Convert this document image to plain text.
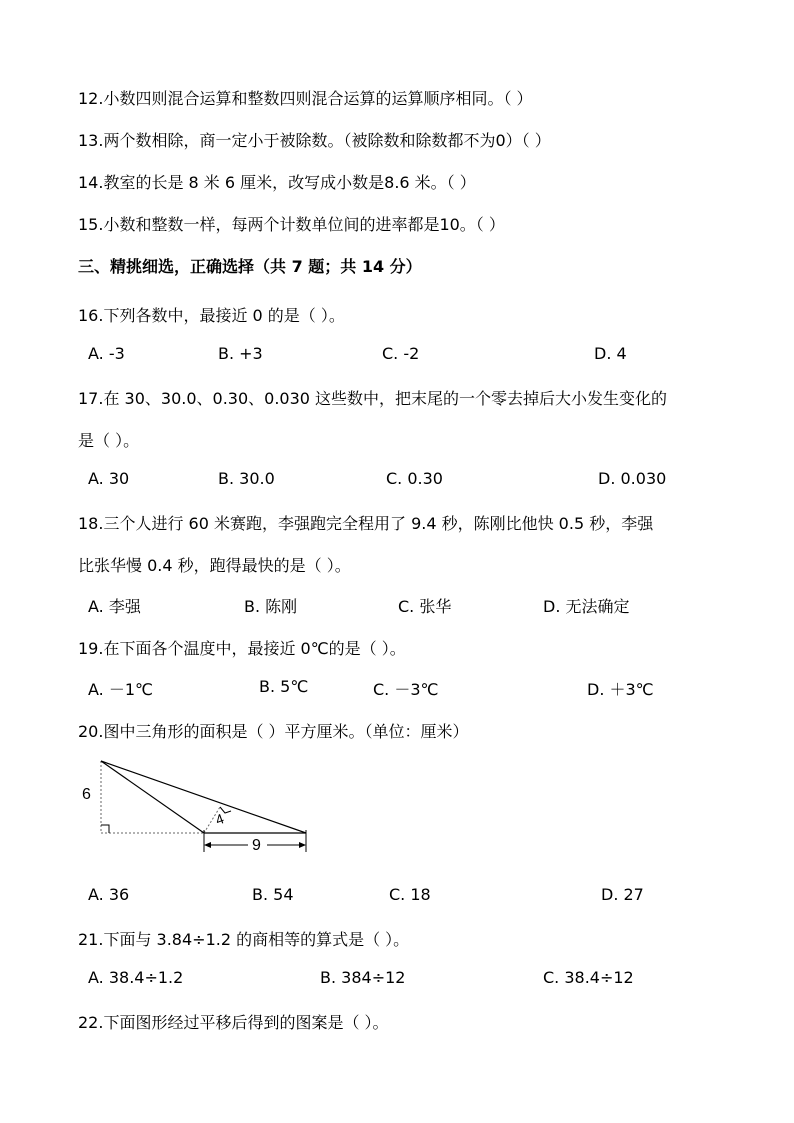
12.小数四则混合运算和整数四则混合运算的运算顺序相同。（ ）
13.两个数相除，商一定小于被除数。（被除数和除数都不为0）（ ）
14.教室的长是 8 米 6 厘米，改写成小数是8.6 米。（ ）
15.小数和整数一样，每两个计数单位间的进率都是10。（ ）
三、精挑细选，正确选择（共 7 题；共 14 分）
16.下列各数中，最接近 0 的是（ ）。
A. -3	B. +3	C. -2	D. 4
17.在 30、30.0、0.30、0.030 这些数中，把末尾的一个零去掉后大小发生变化的
是（ ）。
A. 30	B. 30.0	C. 0.30	D. 0.030
18.三个人进行 60 米赛跑，李强跑完全程用了 9.4 秒，陈刚比他快 0.5 秒，李强
比张华慢 0.4 秒，跑得最快的是（ ）。
A. 李强	B. 陈刚	C. 张华	D. 无法确定
19.在下面各个温度中，最接近 0℃的是（ ）。
A. －1℃	B. 5℃	C. －3℃	D. ＋3℃
20.图中三角形的面积是（ ）平方厘米。（单位：厘米）
6
9
4
A. 36	B. 54	C. 18	D. 27
21.下面与 3.84÷1.2 的商相等的算式是（ ）。
A. 38.4÷1.2	B. 384÷12	C. 38.4÷12
22.下面图形经过平移后得到的图案是（ ）。
